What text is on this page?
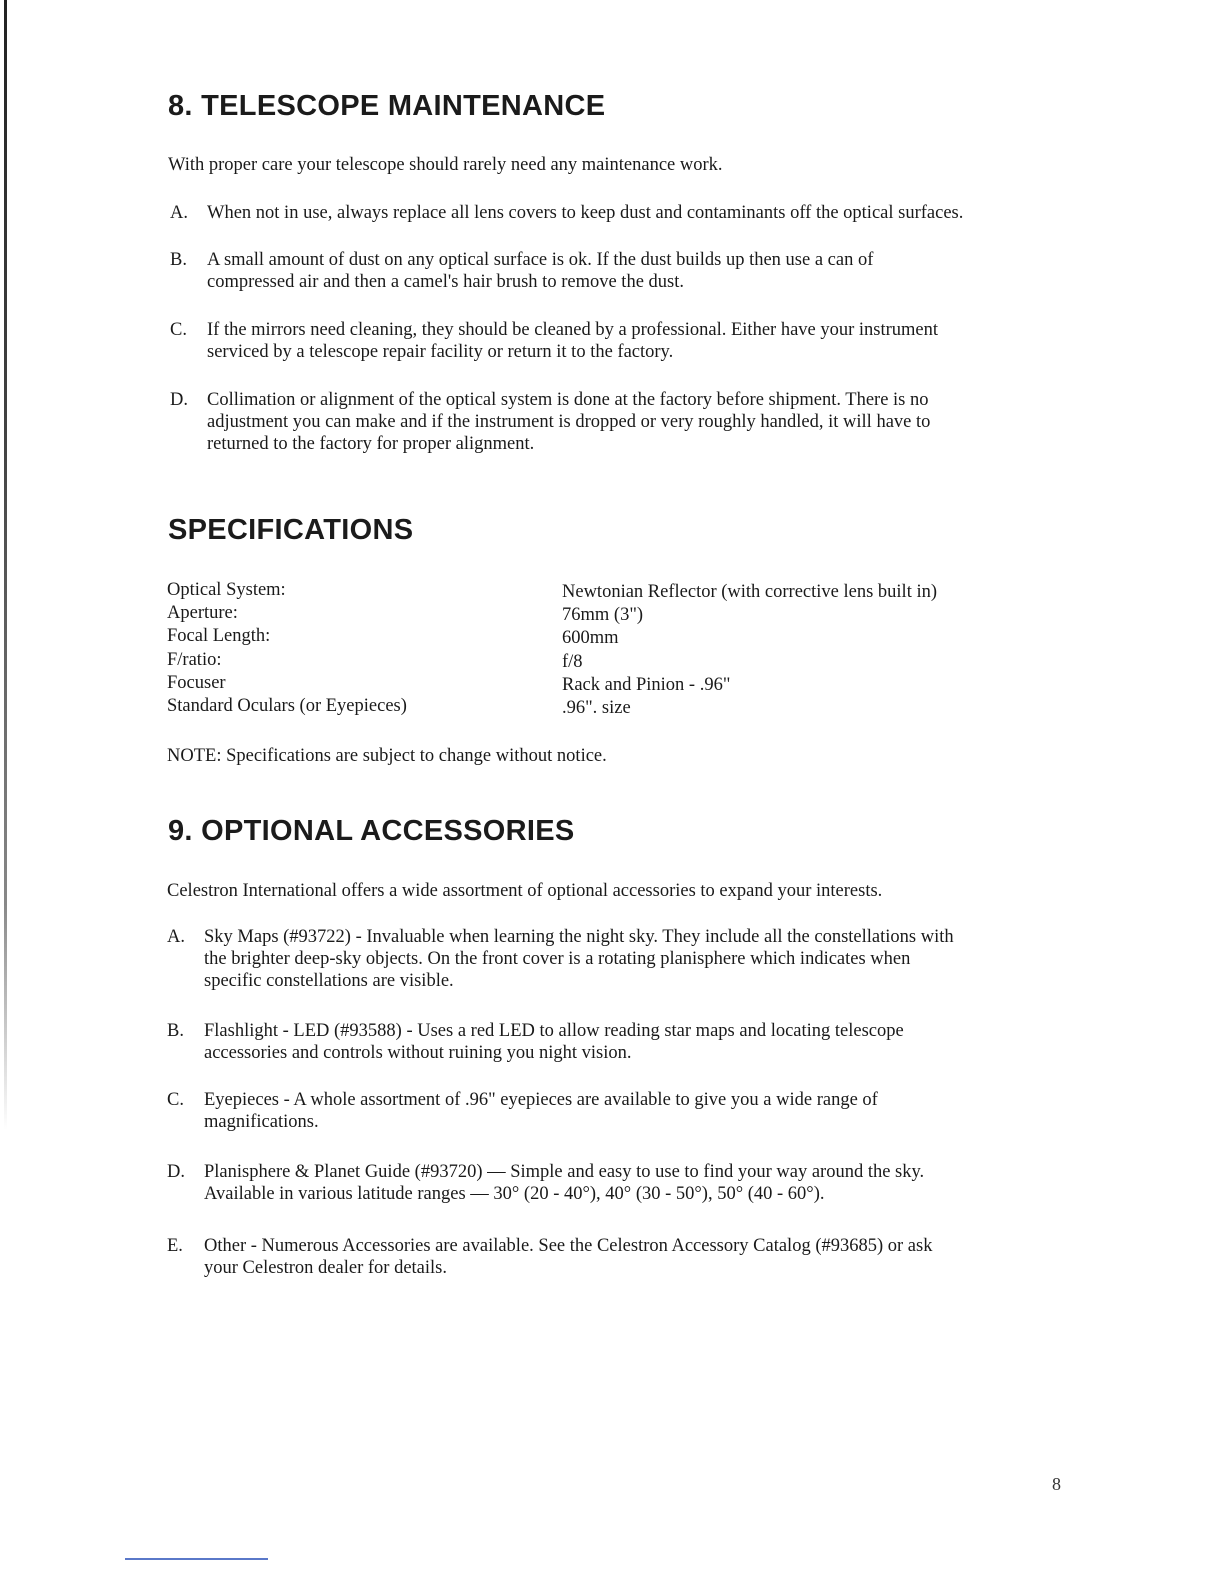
8. TELESCOPE MAINTENANCE

With proper care your telescope should rarely need any maintenance work.

A. When not in use, always replace all lens covers to keep dust and contaminants off the optical surfaces.
B. A small amount of dust on any optical surface is ok. If the dust builds up then use a can of
compressed air and then a camel's hair brush to remove the dust.
C. If the mirrors need cleaning, they should be cleaned by a professional. Either have your instrument
serviced by a telescope repair facility or return it to the factory.
D. Collimation or alignment of the optical system is done at the factory before shipment. There is no
adjustment you can make and if the instrument is dropped or very roughly handled, it will have to
returned to the factory for proper alignment.
SPECIFICATIONS
Optical System:
Aperture:
Focal Length:
F/ratio:
Focuser
Standard Oculars (or Eyepieces)
Newtonian Reflector (with corrective lens built in)
76mm (3")
600mm
f/8
Rack and Pinion - .96"
.96". size

NOTE: Specifications are subject to change without notice.

9. OPTIONAL ACCESSORIES

Celestron International offers a wide assortment of optional accessories to expand your interests.

A. Sky Maps (#93722) - Invaluable when learning the night sky. They include all the constellations with
the brighter deep-sky objects. On the front cover is a rotating planisphere which indicates when
specific constellations are visible.
B. Flashlight - LED (#93588) - Uses a red LED to allow reading star maps and locating telescope
accessories and controls without ruining you night vision.
C. Eyepieces - A whole assortment of .96" eyepieces are available to give you a wide range of
magnifications.
D. Planisphere & Planet Guide (#93720) — Simple and easy to use to find your way around the sky.
Available in various latitude ranges — 30° (20 - 40°), 40° (30 - 50°), 50° (40 - 60°).
E. Other - Numerous Accessories are available. See the Celestron Accessory Catalog (#93685) or ask
your Celestron dealer for details.
8
